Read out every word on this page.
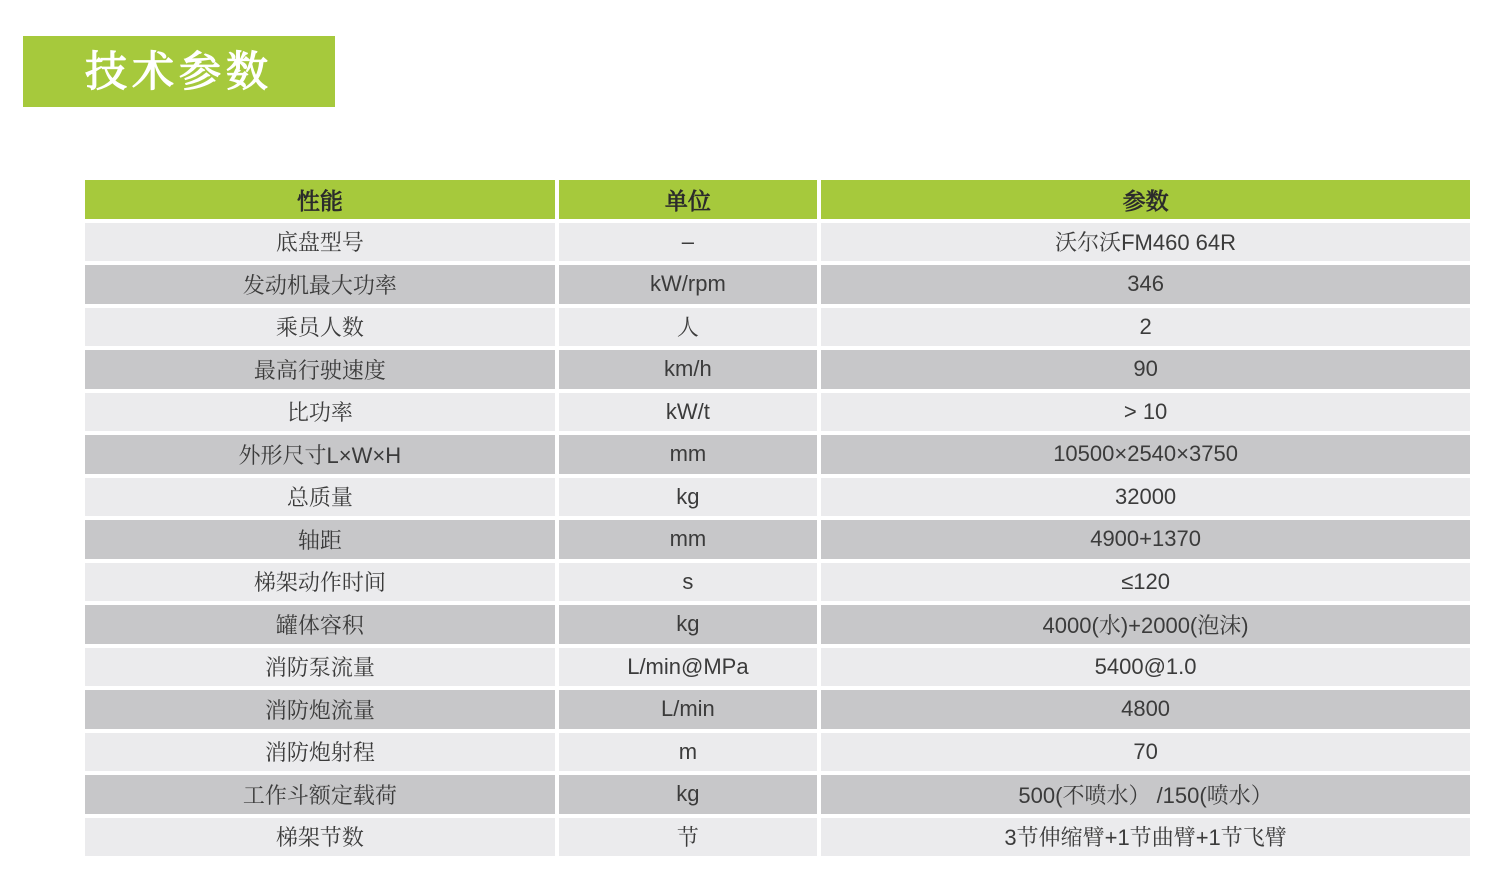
技术参数
性能	单位	参数
底盘型号	–	沃尔沃FM460 64R
发动机最大功率	kW/rpm	346
乘员人数	人	2
最高行驶速度	km/h	90
比功率	kW/t	> 10
外形尺寸L×W×H	mm	10500×2540×3750
总质量	kg	32000
轴距	mm	4900+1370
梯架动作时间	s	≤120
罐体容积	kg	4000(水)+2000(泡沫)
消防泵流量	L/min@MPa	5400@1.0
消防炮流量	L/min	4800
消防炮射程	m	70
工作斗额定载荷	kg	500(不喷水） /150(喷水）
梯架节数	节	3节伸缩臂+1节曲臂+1节飞臂
